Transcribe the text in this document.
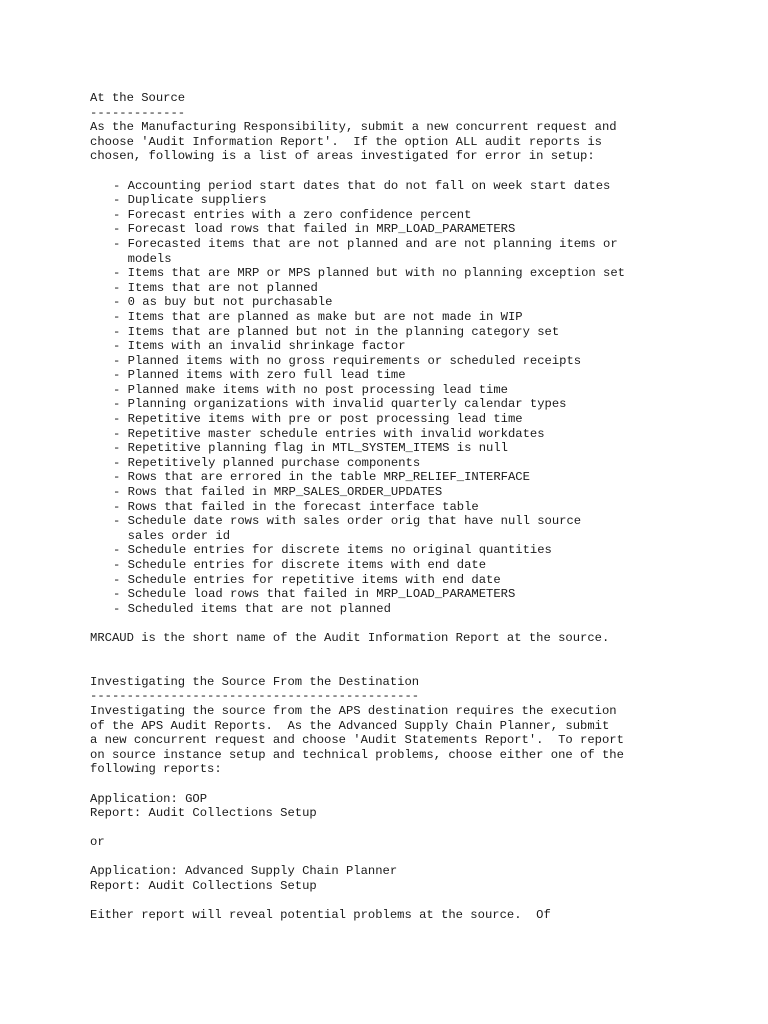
At the Source
-------------
As the Manufacturing Responsibility, submit a new concurrent request and
choose 'Audit Information Report'.  If the option ALL audit reports is
chosen, following is a list of areas investigated for error in setup:
- Accounting period start dates that do not fall on week start dates
- Duplicate suppliers
- Forecast entries with a zero confidence percent
- Forecast load rows that failed in MRP_LOAD_PARAMETERS
- Forecasted items that are not planned and are not planning items or
models
- Items that are MRP or MPS planned but with no planning exception set
- Items that are not planned
- 0 as buy but not purchasable
- Items that are planned as make but are not made in WIP
- Items that are planned but not in the planning category set
- Items with an invalid shrinkage factor
- Planned items with no gross requirements or scheduled receipts
- Planned items with zero full lead time
- Planned make items with no post processing lead time
- Planning organizations with invalid quarterly calendar types
- Repetitive items with pre or post processing lead time
- Repetitive master schedule entries with invalid workdates
- Repetitive planning flag in MTL_SYSTEM_ITEMS is null
- Repetitively planned purchase components
- Rows that are errored in the table MRP_RELIEF_INTERFACE
- Rows that failed in MRP_SALES_ORDER_UPDATES
- Rows that failed in the forecast interface table
- Schedule date rows with sales order orig that have null source
sales order id
- Schedule entries for discrete items no original quantities
- Schedule entries for discrete items with end date
- Schedule entries for repetitive items with end date
- Schedule load rows that failed in MRP_LOAD_PARAMETERS
- Scheduled items that are not planned
MRCAUD is the short name of the Audit Information Report at the source.
Investigating the Source From the Destination
---------------------------------------------
Investigating the source from the APS destination requires the execution
of the APS Audit Reports.  As the Advanced Supply Chain Planner, submit
a new concurrent request and choose 'Audit Statements Report'.  To report
on source instance setup and technical problems, choose either one of the
following reports:
Application: GOP
Report: Audit Collections Setup
or
Application: Advanced Supply Chain Planner
Report: Audit Collections Setup
Either report will reveal potential problems at the source.  Of
